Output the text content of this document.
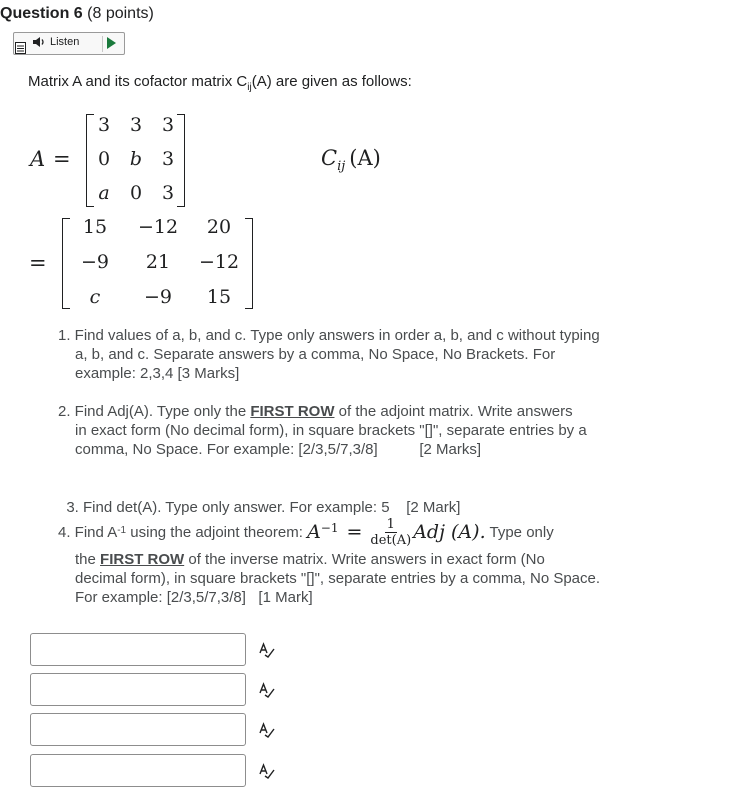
Question 6 (8 points)
Listen
Matrix A and its cofactor matrix $C_{ij}(A)$ are given as follows:
A =
3 3 3
0 b 3
a 0 3
$C_{ij}$ (A)
=
15	−12	20
−9	21	−12
c	−9	15
1. Find values of a, b, and c. Type only answers in order a, b, and c without typing
a, b, and c. Separate answers by a comma, No Space, No Brackets. For
example: 2,3,4 [3 Marks]
2. Find Adj(A). Type only the FIRST ROW of the adjoint matrix. Write answers
in exact form (No decimal form), in square brackets "[]", separate entries by a
comma, No Space. For example: [2/3,5/7,3/8]          [2 Marks]

3. Find det(A). Type only answer. For example: 5    [2 Mark]

4. Find $A^{-1}$ using the adjoint theorem: $A^{-1} = 1$
det(A) Adj (A). Type only
the FIRST ROW of the inverse matrix. Write answers in exact form (No
decimal form), in square brackets "[]", separate entries by a comma, No Space.
For example: [2/3,5/7,3/8]   [1 Mark]
